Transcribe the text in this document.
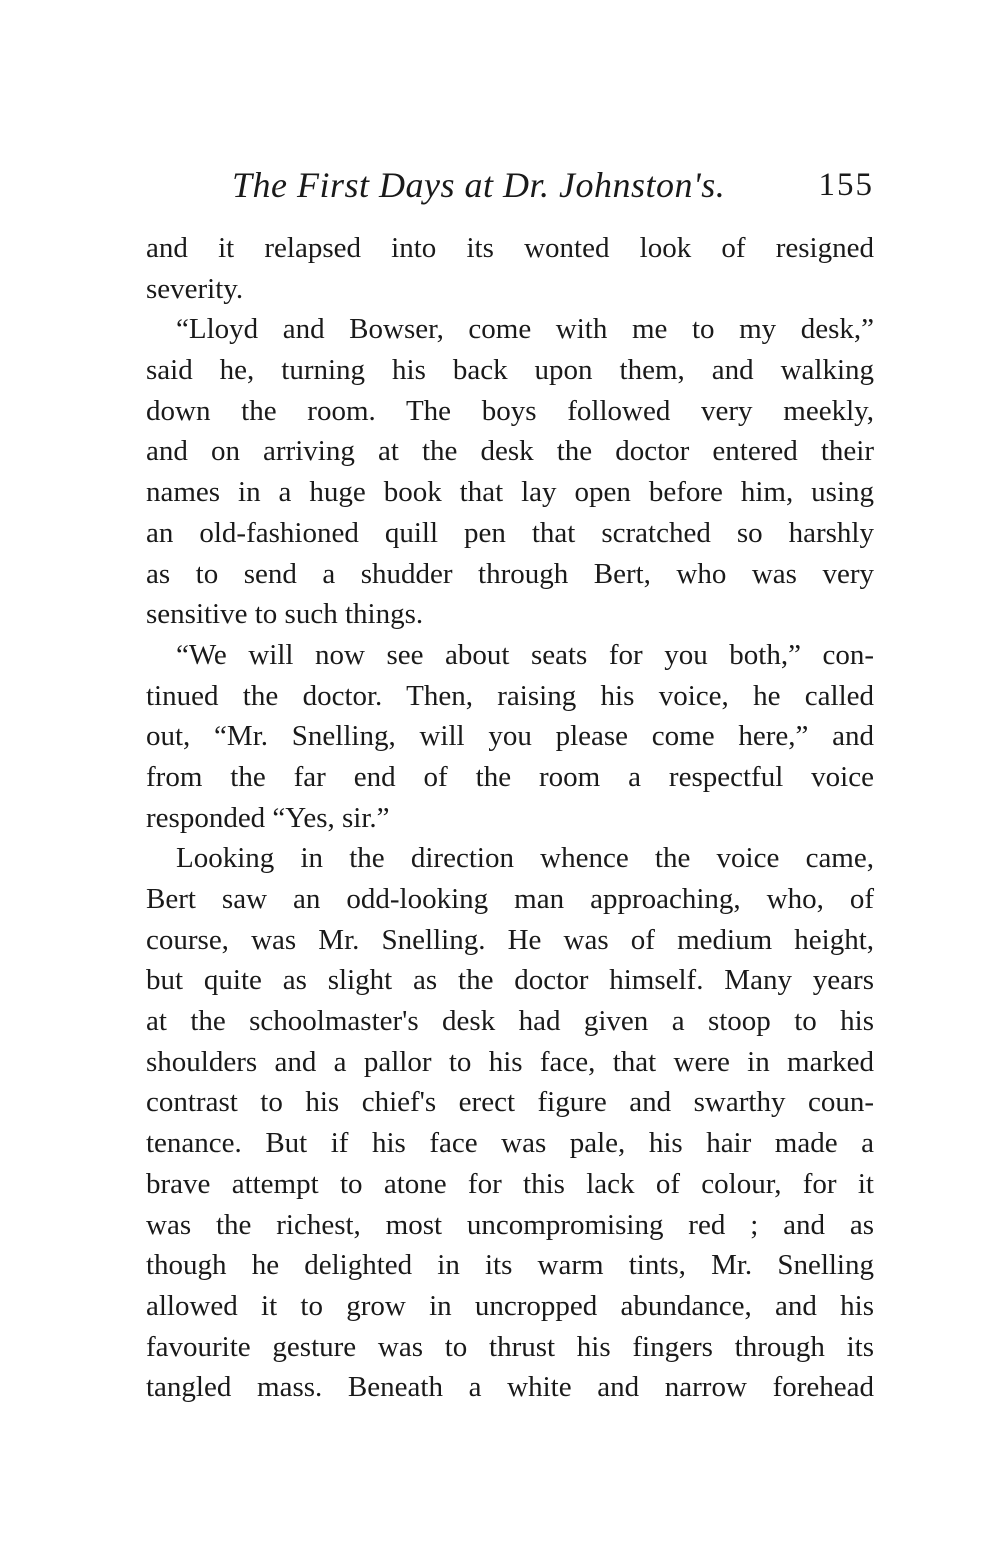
The First Days at Dr. Johnston's.	155
and it relapsed into its wonted look of resigned
severity.
“Lloyd and Bowser, come with me to my desk,”
said he, turning his back upon them, and walking
down the room. The boys followed very meekly,
and on arriving at the desk the doctor entered their
names in a huge book that lay open before him, using
an old-fashioned quill pen that scratched so harshly
as to send a shudder through Bert, who was very
sensitive to such things.
“We will now see about seats for you both,” con-
tinued the doctor. Then, raising his voice, he called
out, “Mr. Snelling, will you please come here,” and
from the far end of the room a respectful voice
responded “Yes, sir.”
Looking in the direction whence the voice came,
Bert saw an odd-looking man approaching, who, of
course, was Mr. Snelling. He was of medium height,
but quite as slight as the doctor himself. Many years
at the schoolmaster's desk had given a stoop to his
shoulders and a pallor to his face, that were in marked
contrast to his chief's erect figure and swarthy coun-
tenance. But if his face was pale, his hair made a
brave attempt to atone for this lack of colour, for it
was the richest, most uncompromising red ; and as
though he delighted in its warm tints, Mr. Snelling
allowed it to grow in uncropped abundance, and his
favourite gesture was to thrust his fingers through its
tangled mass. Beneath a white and narrow forehead
